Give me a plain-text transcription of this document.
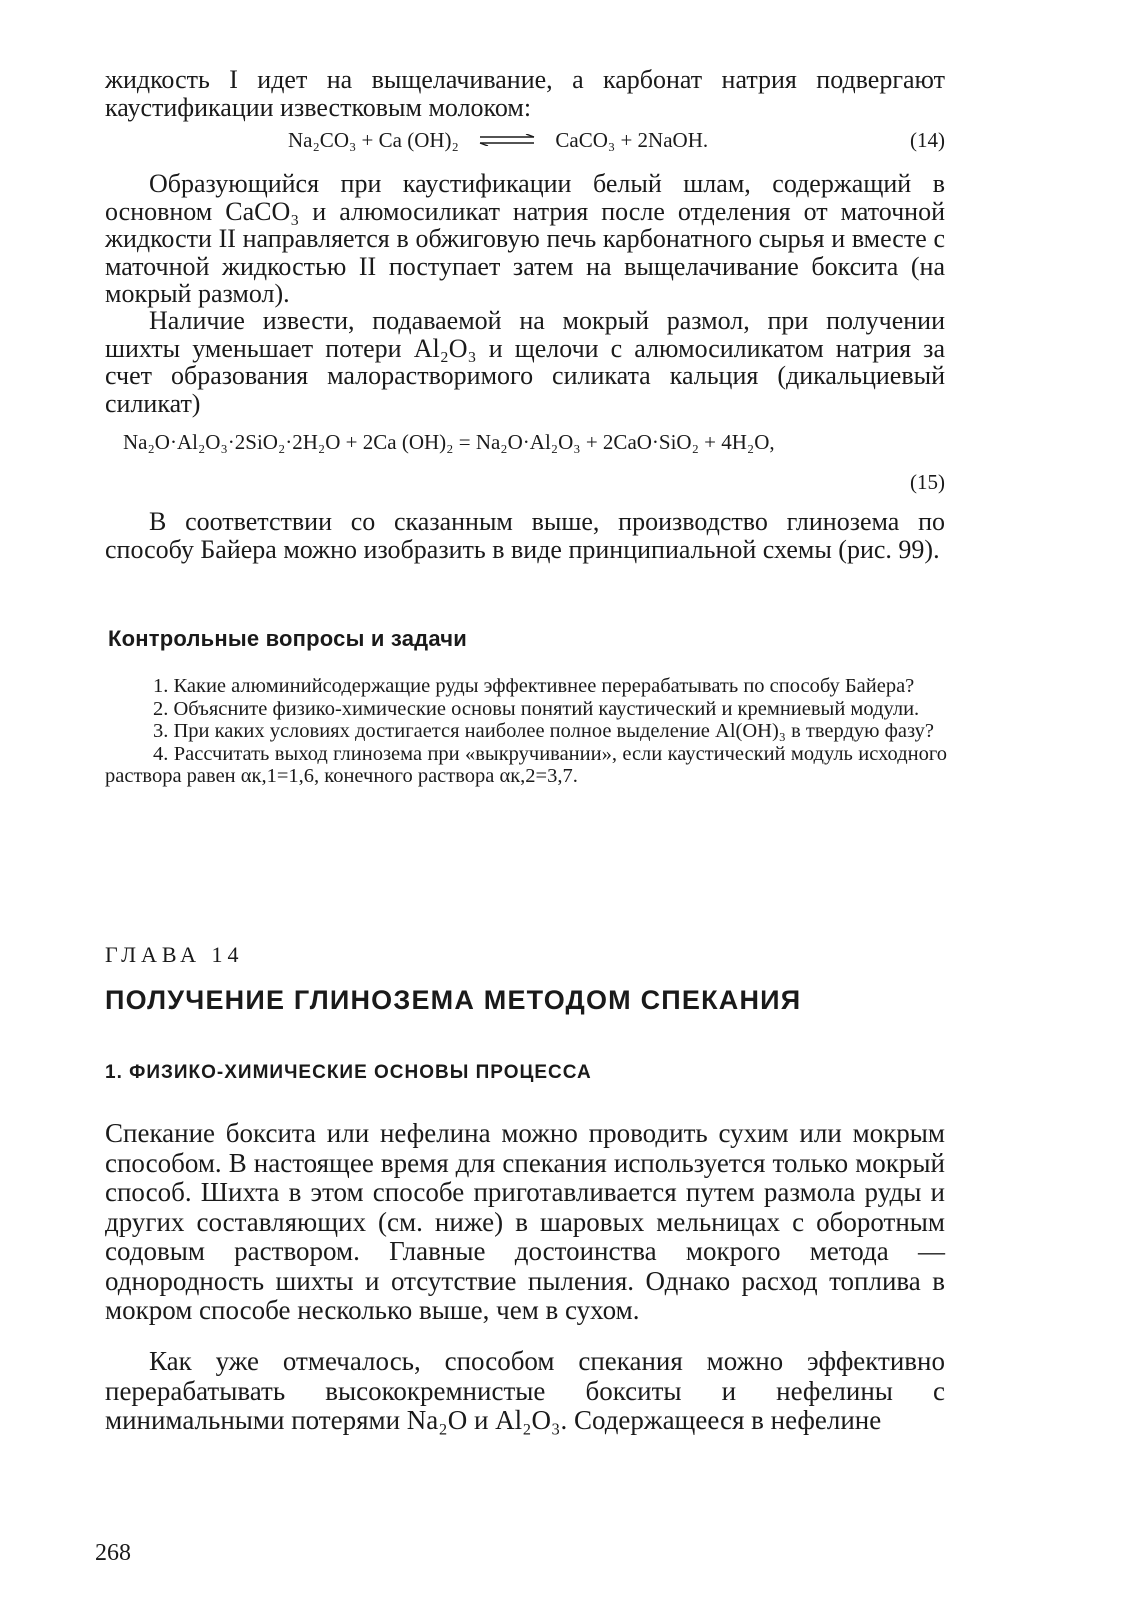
жидкость I идет на выщелачивание, а карбонат натрия подвергают каустификации известковым молоком:

Na₂CO₃ + Ca (OH)₂ ⇌ CaCO₃ + 2NaOH.	(14)

Образующийся при каустификации белый шлам, содержащий в основном CaCO₃ и алюмосиликат натрия после отделения от маточной жидкости II направляется в обжиговую печь карбонатного сырья и вместе с маточной жидкостью II поступает затем на выщелачивание боксита (на мокрый размол).

Наличие извести, подаваемой на мокрый размол, при получении шихты уменьшает потери Al₂O₃ и щелочи с алюмосиликатом натрия за счет образования малорастворимого силиката кальция (дикальциевый силикат)

Na₂O·Al₂O₃·2SiO₂·2H₂O + 2Ca (OH)₂ = Na₂O·Al₂O₃ + 2CaO·SiO₂ + 4H₂O,
(15)

В соответствии со сказанным выше, производство глинозема по способу Байера можно изобразить в виде принципиальной схемы (рис. 99).

Контрольные вопросы и задачи

1. Какие алюминийсодержащие руды эффективнее перерабатывать по способу Байера?

2. Объясните физико-химические основы понятий каустический и кремниевый модули.

3. При каких условиях достигается наиболее полное выделение Al(OH)₃ в твердую фазу?

4. Рассчитать выход глинозема при «выкручивании», если каустический модуль исходного раствора равен αк,1=1,6, конечного раствора αк,2=3,7.

ГЛАВА 14
ПОЛУЧЕНИЕ ГЛИНОЗЕМА МЕТОДОМ СПЕКАНИЯ
1. ФИЗИКО-ХИМИЧЕСКИЕ ОСНОВЫ ПРОЦЕССА

Спекание боксита или нефелина можно проводить сухим или мокрым способом. В настоящее время для спекания используется только мокрый способ. Шихта в этом способе приготавливается путем размола руды и других составляющих (см. ниже) в шаровых мельницах с оборотным содовым раствором. Главные достоинства мокрого метода — однородность шихты и отсутствие пыления. Однако расход топлива в мокром способе несколько выше, чем в сухом.

Как уже отмечалось, способом спекания можно эффективно перерабатывать высококремнистые бокситы и нефелины с минимальными потерями Na₂O и Al₂O₃. Содержащееся в нефелине

268
